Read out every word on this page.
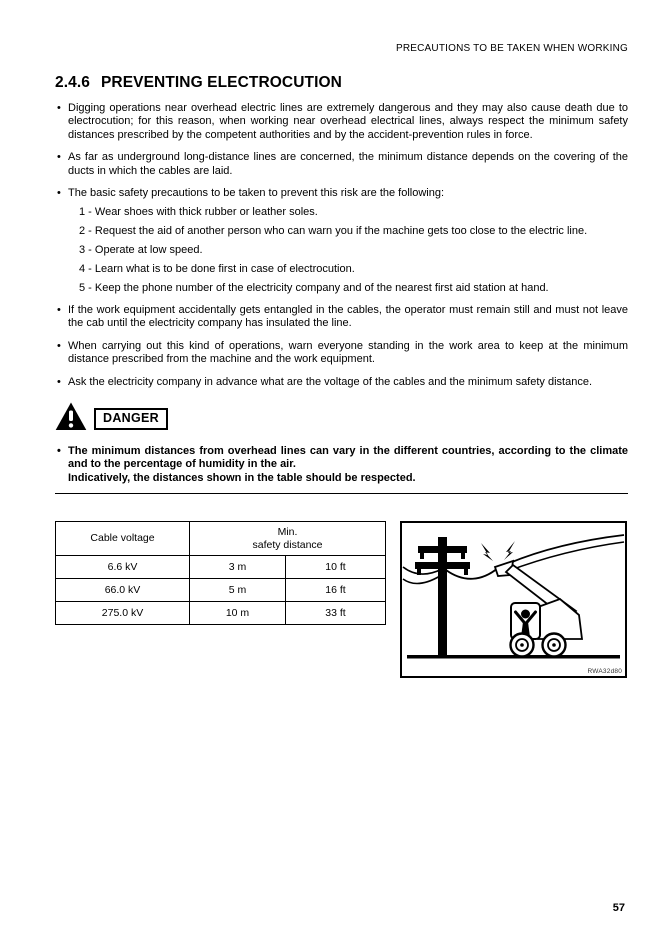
PRECAUTIONS TO BE TAKEN WHEN WORKING
2.4.6 PREVENTING ELECTROCUTION
• Digging operations near overhead electric lines are extremely dangerous and they may also cause death due to electrocution; for this reason, when working near overhead electrical lines, always respect the minimum safety distances prescribed by the competent authorities and by the accident-prevention rules in force.
• As far as underground long-distance lines are concerned, the minimum distance depends on the covering of the ducts in which the cables are laid.
• The basic safety precautions to be taken to prevent this risk are the following:
1 - Wear shoes with thick rubber or leather soles.
2 - Request the aid of another person who can warn you if the machine gets too close to the electric line.
3 - Operate at low speed.
4 - Learn what is to be done first in case of electrocution.
5 - Keep the phone number of the electricity company and of the nearest first aid station at hand.
• If the work equipment accidentally gets entangled in the cables, the operator must remain still and must not leave the cab until the electricity company has insulated the line.
• When carrying out this kind of operations, warn everyone standing in the work area to keep at the minimum distance prescribed from the machine and the work equipment.
• Ask the electricity company in advance what are the voltage of the cables and the minimum safety distance.
DANGER
• The minimum distances from overhead lines can vary in the different countries, according to the climate and to the percentage of humidity in the air.
Indicatively, the distances shown in the table should be respected.
Cable voltage	Min.
safety distance	
6.6 kV	3 m	10 ft
66.0 kV	5 m	16 ft
275.0 kV	10 m	33 ft
RWA32d80
57
